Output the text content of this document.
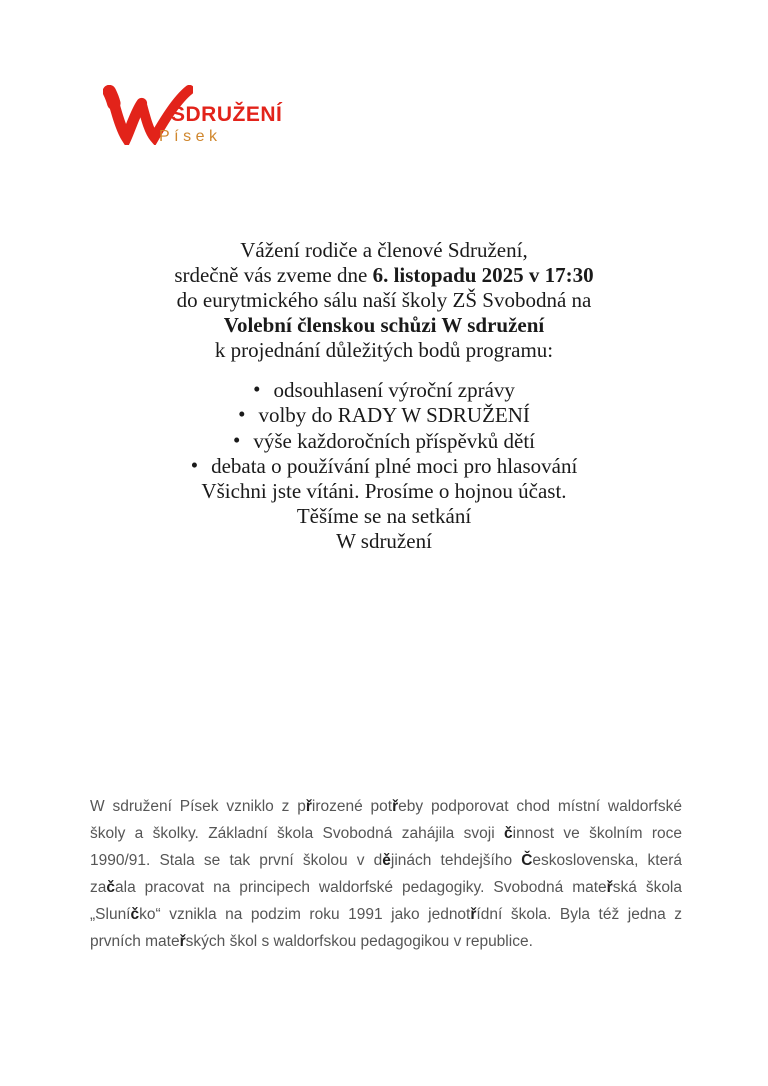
SDRUŽENÍ
Písek

Vážení rodiče a členové Sdružení,

srdečně vás zveme dne 6. listopadu 2025 v 17:30
do eurytmického sálu naší školy ZŠ Svobodná na

Volební členskou schůzi W sdružení

k projednání důležitých bodů programu:

• odsouhlasení výroční zprávy
• volby do RADY W SDRUŽENÍ
• výše každoročních příspěvků dětí
• debata o používání plné moci pro hlasování

Všichni jste vítáni. Prosíme o hojnou účast.

Těšíme se na setkání

W sdružení

W sdružení Písek vzniklo z přirozené potřeby podporovat chod místní waldorfské školy a školky. Základní škola Svobodná zahájila svoji činnost ve školním roce 1990/91. Stala se tak první školou v dějinách tehdejšího Československa, která začala pracovat na principech waldorfské pedagogiky. Svobodná mateřská škola „Sluníčko“ vznikla na podzim roku 1991 jako jednotřídní škola. Byla též jedna z prvních mateřských škol s waldorfskou pedagogikou v republice.
